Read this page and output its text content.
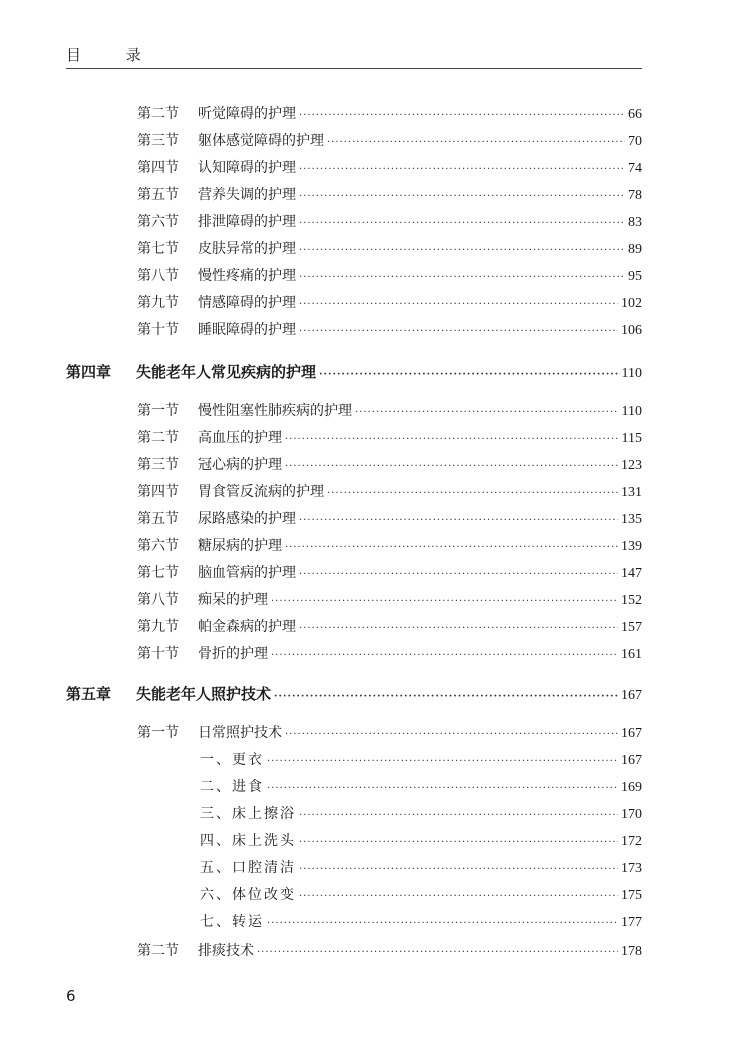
目 录
第二节	听觉障碍的护理 ·····	66
第三节	躯体感觉障碍的护理 ·····	70
第四节	认知障碍的护理 ·····	74
第五节	营养失调的护理 ·····	78
第六节	排泄障碍的护理 ·····	83
第七节	皮肤异常的护理 ·····	89
第八节	慢性疼痛的护理 ·····	95
第九节	情感障碍的护理 ·····	102
第十节	睡眠障碍的护理 ·····	106
第四章	失能老年人常见疾病的护理 ·····	110
第一节	慢性阻塞性肺疾病的护理 ·····	110
第二节	高血压的护理 ·····	115
第三节	冠心病的护理 ·····	123
第四节	胃食管反流病的护理 ·····	131
第五节	尿路感染的护理 ·····	135
第六节	糖尿病的护理 ·····	139
第七节	脑血管病的护理 ·····	147
第八节	痴呆的护理 ·····	152
第九节	帕金森病的护理 ·····	157
第十节	骨折的护理 ·····	161
第五章	失能老年人照护技术 ·····	167
第一节	日常照护技术 ·····	167
一、更衣 ·····	167
二、进食 ·····	169
三、床上擦浴 ·····	170
四、床上洗头 ·····	172
五、口腔清洁 ·····	173
六、体位改变 ·····	175
七、转运 ·····	177
第二节	排痰技术 ·····	178
6
